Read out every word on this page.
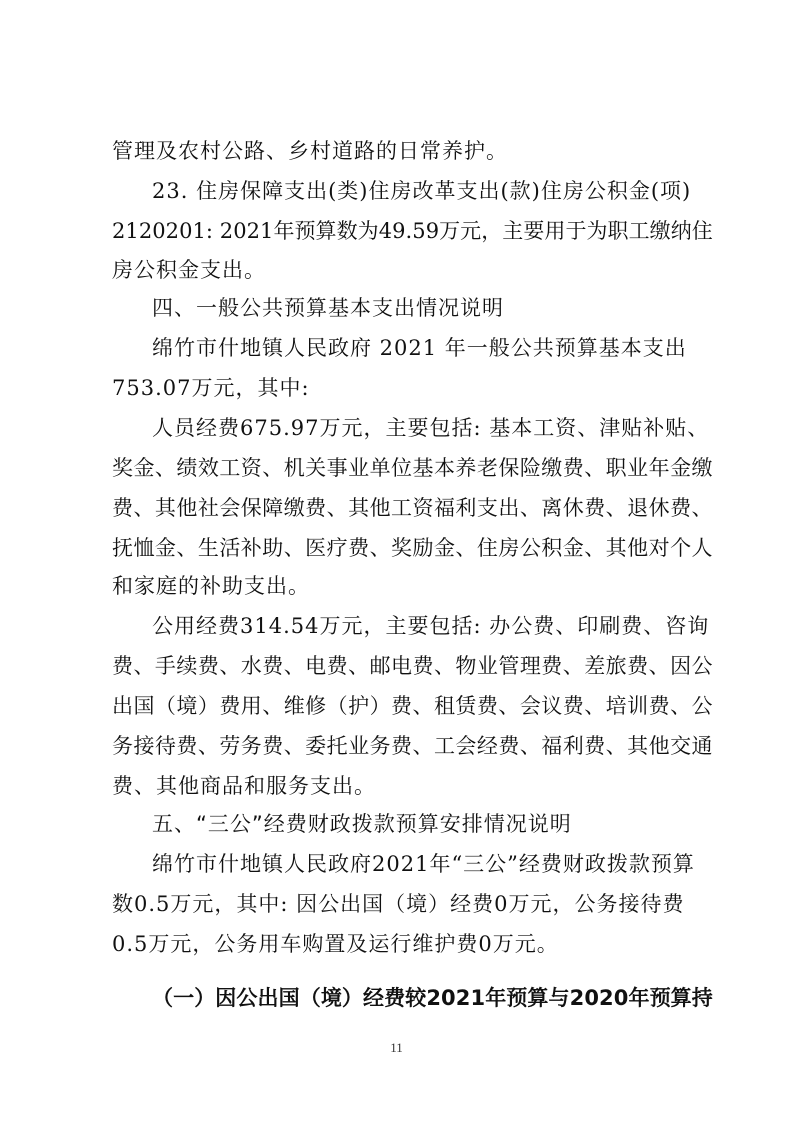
管理及农村公路、乡村道路的日常养护。
23. 住房保障支出(类)住房改革支出(款)住房公积金(项)
2120201: 2021年预算数为49.59万元，主要用于为职工缴纳住
房公积金支出。
四、一般公共预算基本支出情况说明
绵竹市什地镇人民政府 2021 年一般公共预算基本支出
753.07万元，其中:
人员经费675.97万元，主要包括: 基本工资、津贴补贴、
奖金、绩效工资、机关事业单位基本养老保险缴费、职业年金缴
费、其他社会保障缴费、其他工资福利支出、离休费、退休费、
抚恤金、生活补助、医疗费、奖励金、住房公积金、其他对个人
和家庭的补助支出。
公用经费314.54万元，主要包括: 办公费、印刷费、咨询
费、手续费、水费、电费、邮电费、物业管理费、差旅费、因公
出国（境）费用、维修（护）费、租赁费、会议费、培训费、公
务接待费、劳务费、委托业务费、工会经费、福利费、其他交通
费、其他商品和服务支出。
五、“三公”经费财政拨款预算安排情况说明
绵竹市什地镇人民政府2021年“三公”经费财政拨款预算
数0.5万元，其中: 因公出国（境）经费0万元，公务接待费
0.5万元，公务用车购置及运行维护费0万元。
（一）因公出国（境）经费较2021年预算与2020年预算持
11
